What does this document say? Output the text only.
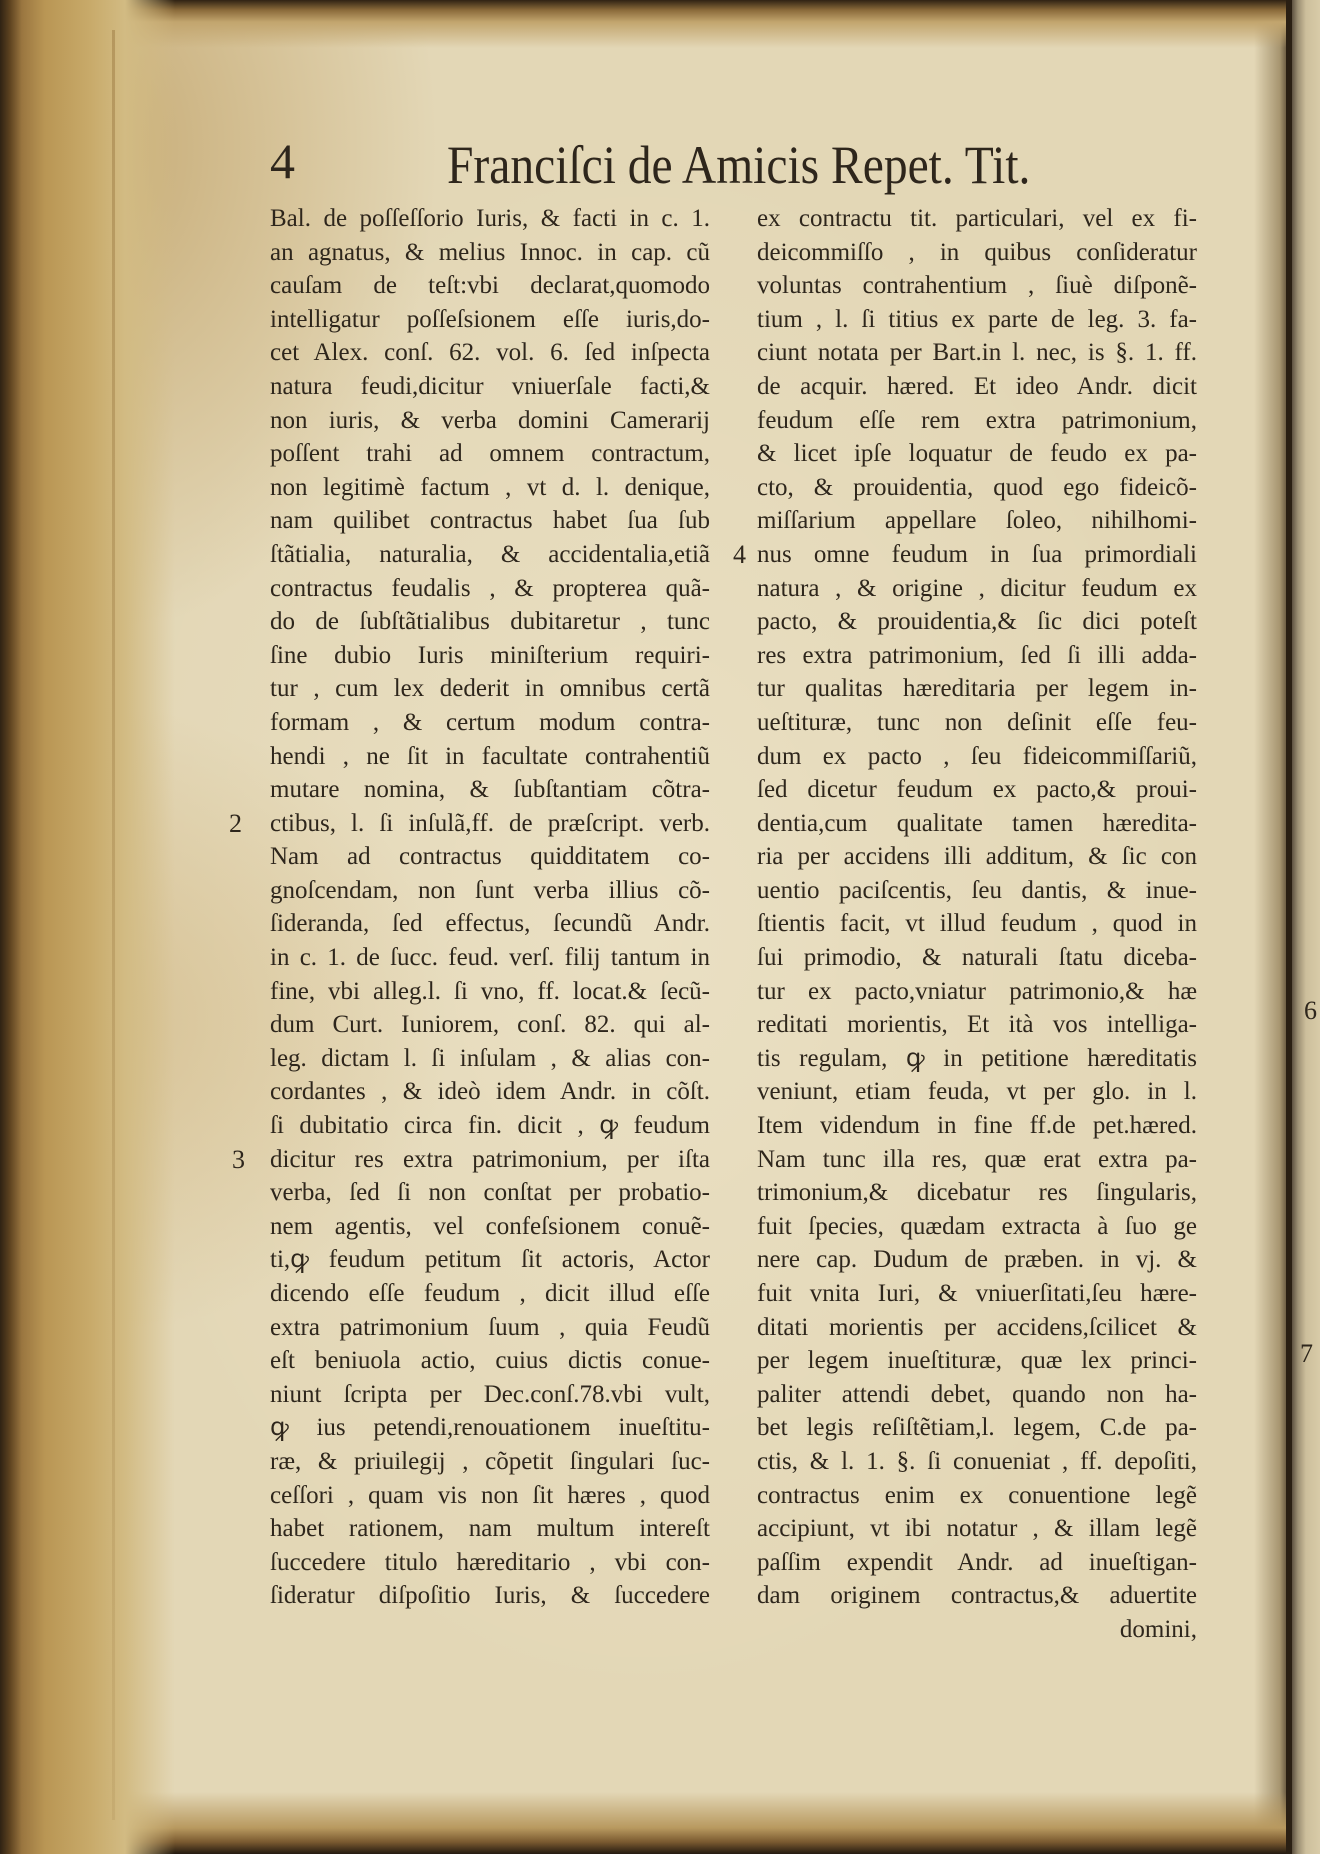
4	Franciſci de Amicis Repet. Tit.
Bal. de poſſeſſorio Iuris, & facti in c. 1.
an agnatus, & melius Innoc. in cap. cũ
cauſam de teſt:vbi declarat,quomodo
intelligatur poſſeſsionem eſſe iuris,do-
cet Alex. conſ. 62. vol. 6. ſed inſpecta
natura feudi,dicitur vniuerſale facti,&
non iuris, & verba domini Camerarij
poſſent trahi ad omnem contractum,
non legitimè factum , vt d. l. denique,
nam quilibet contractus habet ſua ſub
ſtãtialia, naturalia, & accidentalia,etiã
contractus feudalis , & propterea quã-
do de ſubſtãtialibus dubitaretur , tunc
ſine dubio Iuris miniſterium requiri-
tur , cum lex dederit in omnibus certã
formam , & certum modum contra-
hendi , ne ſit in facultate contrahentiũ
mutare nomina, & ſubſtantiam cõtra-
ctibus, l. ſi inſulã,ff. de præſcript. verb.
Nam ad contractus quidditatem co-
gnoſcendam, non ſunt verba illius cõ-
ſideranda, ſed effectus, ſecundũ Andr.
in c. 1. de ſucc. feud. verſ. filij tantum in
fine, vbi alleg.l. ſi vno, ff. locat.& ſecũ-
dum Curt. Iuniorem, conſ. 82. qui al-
leg. dictam l. ſi inſulam , & alias con-
cordantes , & ideò idem Andr. in cõſt.
ſi dubitatio circa fin. dicit , ꝙ feudum
dicitur res extra patrimonium, per iſta
verba, ſed ſi non conſtat per probatio-
nem agentis, vel confeſsionem conuẽ-
ti,ꝙ feudum petitum ſit actoris, Actor
dicendo eſſe feudum , dicit illud eſſe
extra patrimonium ſuum , quia Feudũ
eſt beniuola actio, cuius dictis conue-
niunt ſcripta per Dec.conſ.78.vbi vult,
ꝙ ius petendi,renouationem inueſtitu-
ræ, & priuilegij , cõpetit ſingulari ſuc-
ceſſori , quam vis non ſit hæres , quod
habet rationem, nam multum intereſt
ſuccedere titulo hæreditario , vbi con-
ſideratur diſpoſitio Iuris, & ſuccedere
ex contractu tit. particulari, vel ex fi-
deicommiſſo , in quibus conſideratur
voluntas contrahentium , ſiuè diſponẽ-
tium , l. ſi titius ex parte de leg. 3. fa-
ciunt notata per Bart.in l. nec, is §. 1. ff.
de acquir. hæred. Et ideo Andr. dicit
feudum eſſe rem extra patrimonium,
& licet ipſe loquatur de feudo ex pa-
cto, & prouidentia, quod ego fideicõ-
miſſarium appellare ſoleo, nihilhomi-
nus omne feudum in ſua primordiali
natura , & origine , dicitur feudum ex
pacto, & prouidentia,& ſic dici poteſt
res extra patrimonium, ſed ſi illi adda-
tur qualitas hæreditaria per legem in-
ueſtituræ, tunc non deſinit eſſe feu-
dum ex pacto , ſeu fideicommiſſariũ,
ſed dicetur feudum ex pacto,& proui-
dentia,cum qualitate tamen hæredita-
ria per accidens illi additum, & ſic con
uentio paciſcentis, ſeu dantis, & inue-
ſtientis facit, vt illud feudum , quod in
ſui primodio, & naturali ſtatu diceba-
tur ex pacto,vniatur patrimonio,& hæ
reditati morientis, Et ità vos intelliga-
tis regulam, ꝙ in petitione hæreditatis
veniunt, etiam feuda, vt per glo. in l.
Item videndum in fine ff.de pet.hæred.
Nam tunc illa res, quæ erat extra pa-
trimonium,& dicebatur res ſingularis,
fuit ſpecies, quædam extracta à ſuo ge
nere cap. Dudum de præben. in vj. &
fuit vnita Iuri, & vniuerſitati,ſeu hære-
ditati morientis per accidens,ſcilicet &
per legem inueſtituræ, quæ lex princi-
paliter attendi debet, quando non ha-
bet legis reſiſtẽtiam,l. legem, C.de pa-
ctis, & l. 1. §. ſi conueniat , ff. depoſiti,
contractus enim ex conuentione legẽ
accipiunt, vt ibi notatur , & illam legẽ
paſſim expendit Andr. ad inueſtigan-
dam originem contractus,& aduertite
domini,
2
3
4
6
7
